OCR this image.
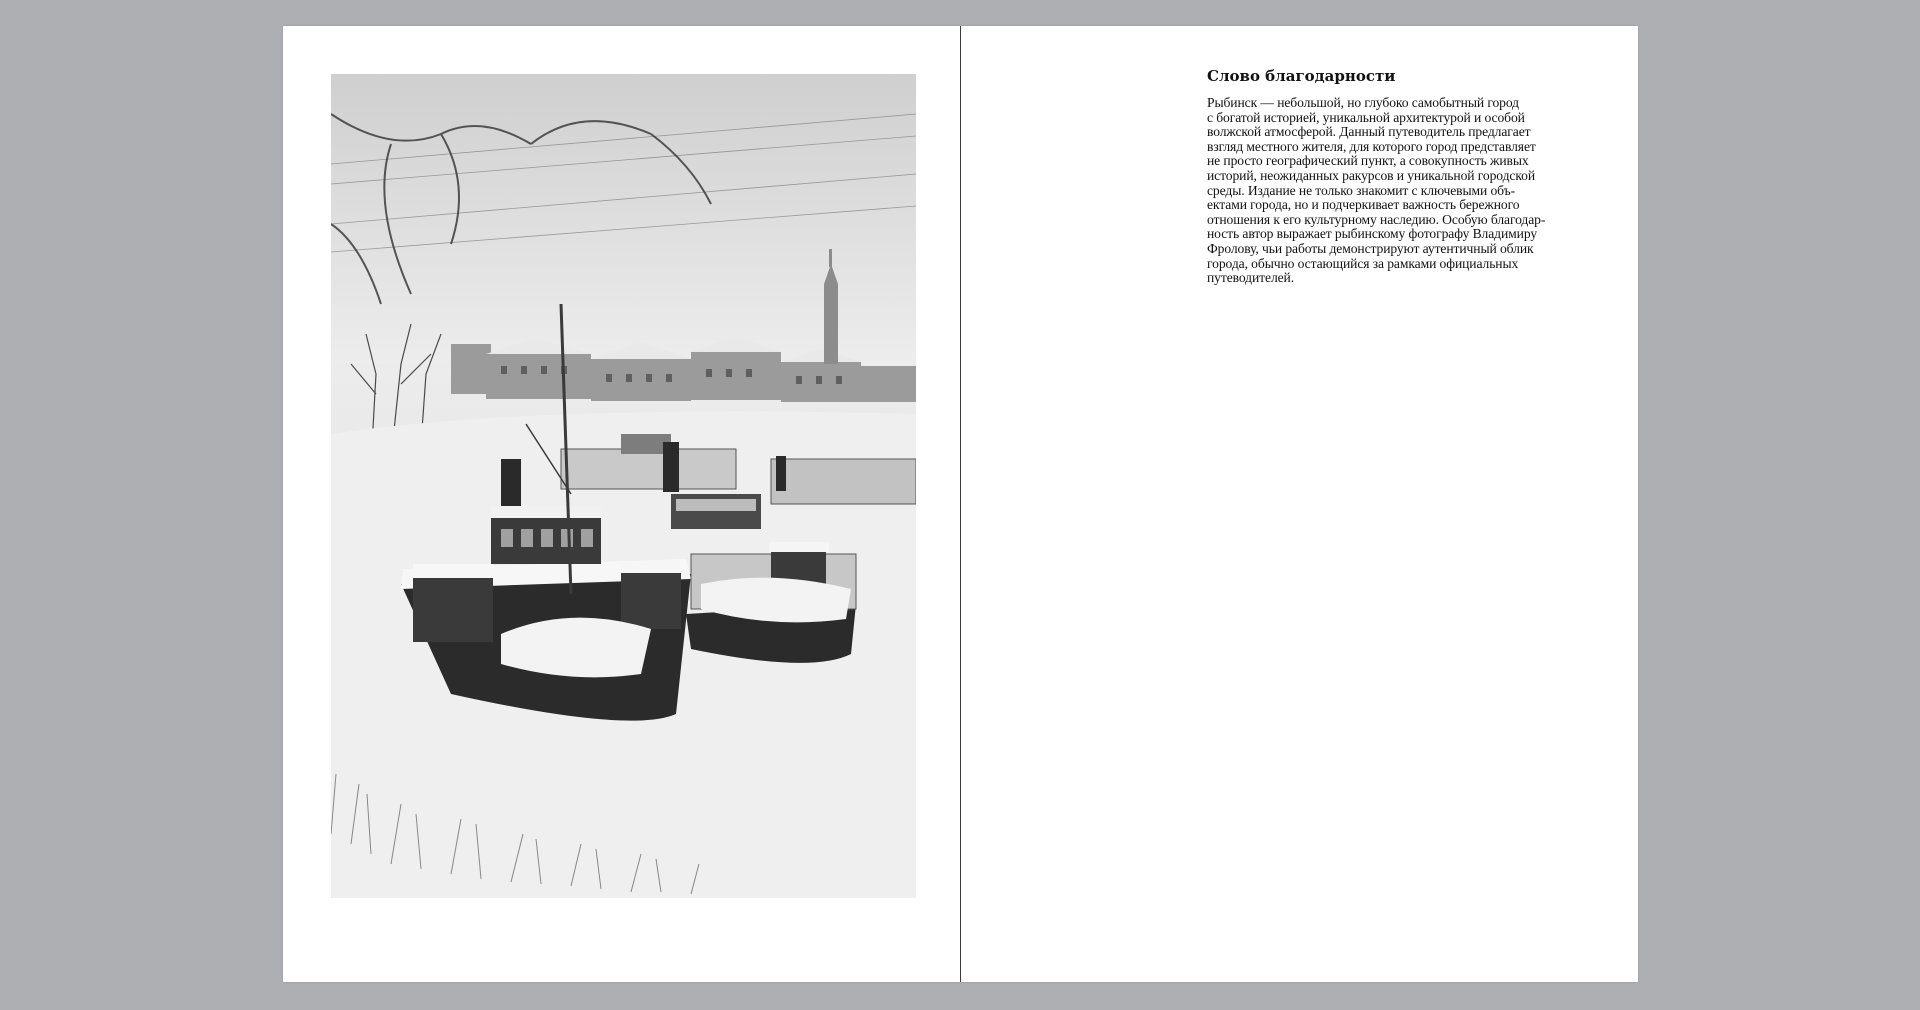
Слово благодарности

Рыбинск — небольшой, но глубоко самобытный город
с богатой историей, уникальной архитектурой и особой
волжской атмосферой. Данный путеводитель предлагает
взгляд местного жителя, для которого город представляет
не просто географический пункт, а совокупность живых
историй, неожиданных ракурсов и уникальной городской
среды. Издание не только знакомит с ключевыми объ-
ектами города, но и подчеркивает важность бережного
отношения к его культурному наследию. Особую благодар-
ность автор выражает рыбинскому фотографу Владимиру
Фролову, чьи работы демонстрируют аутентичный облик
города, обычно остающийся за рамками официальных
путеводителей.
